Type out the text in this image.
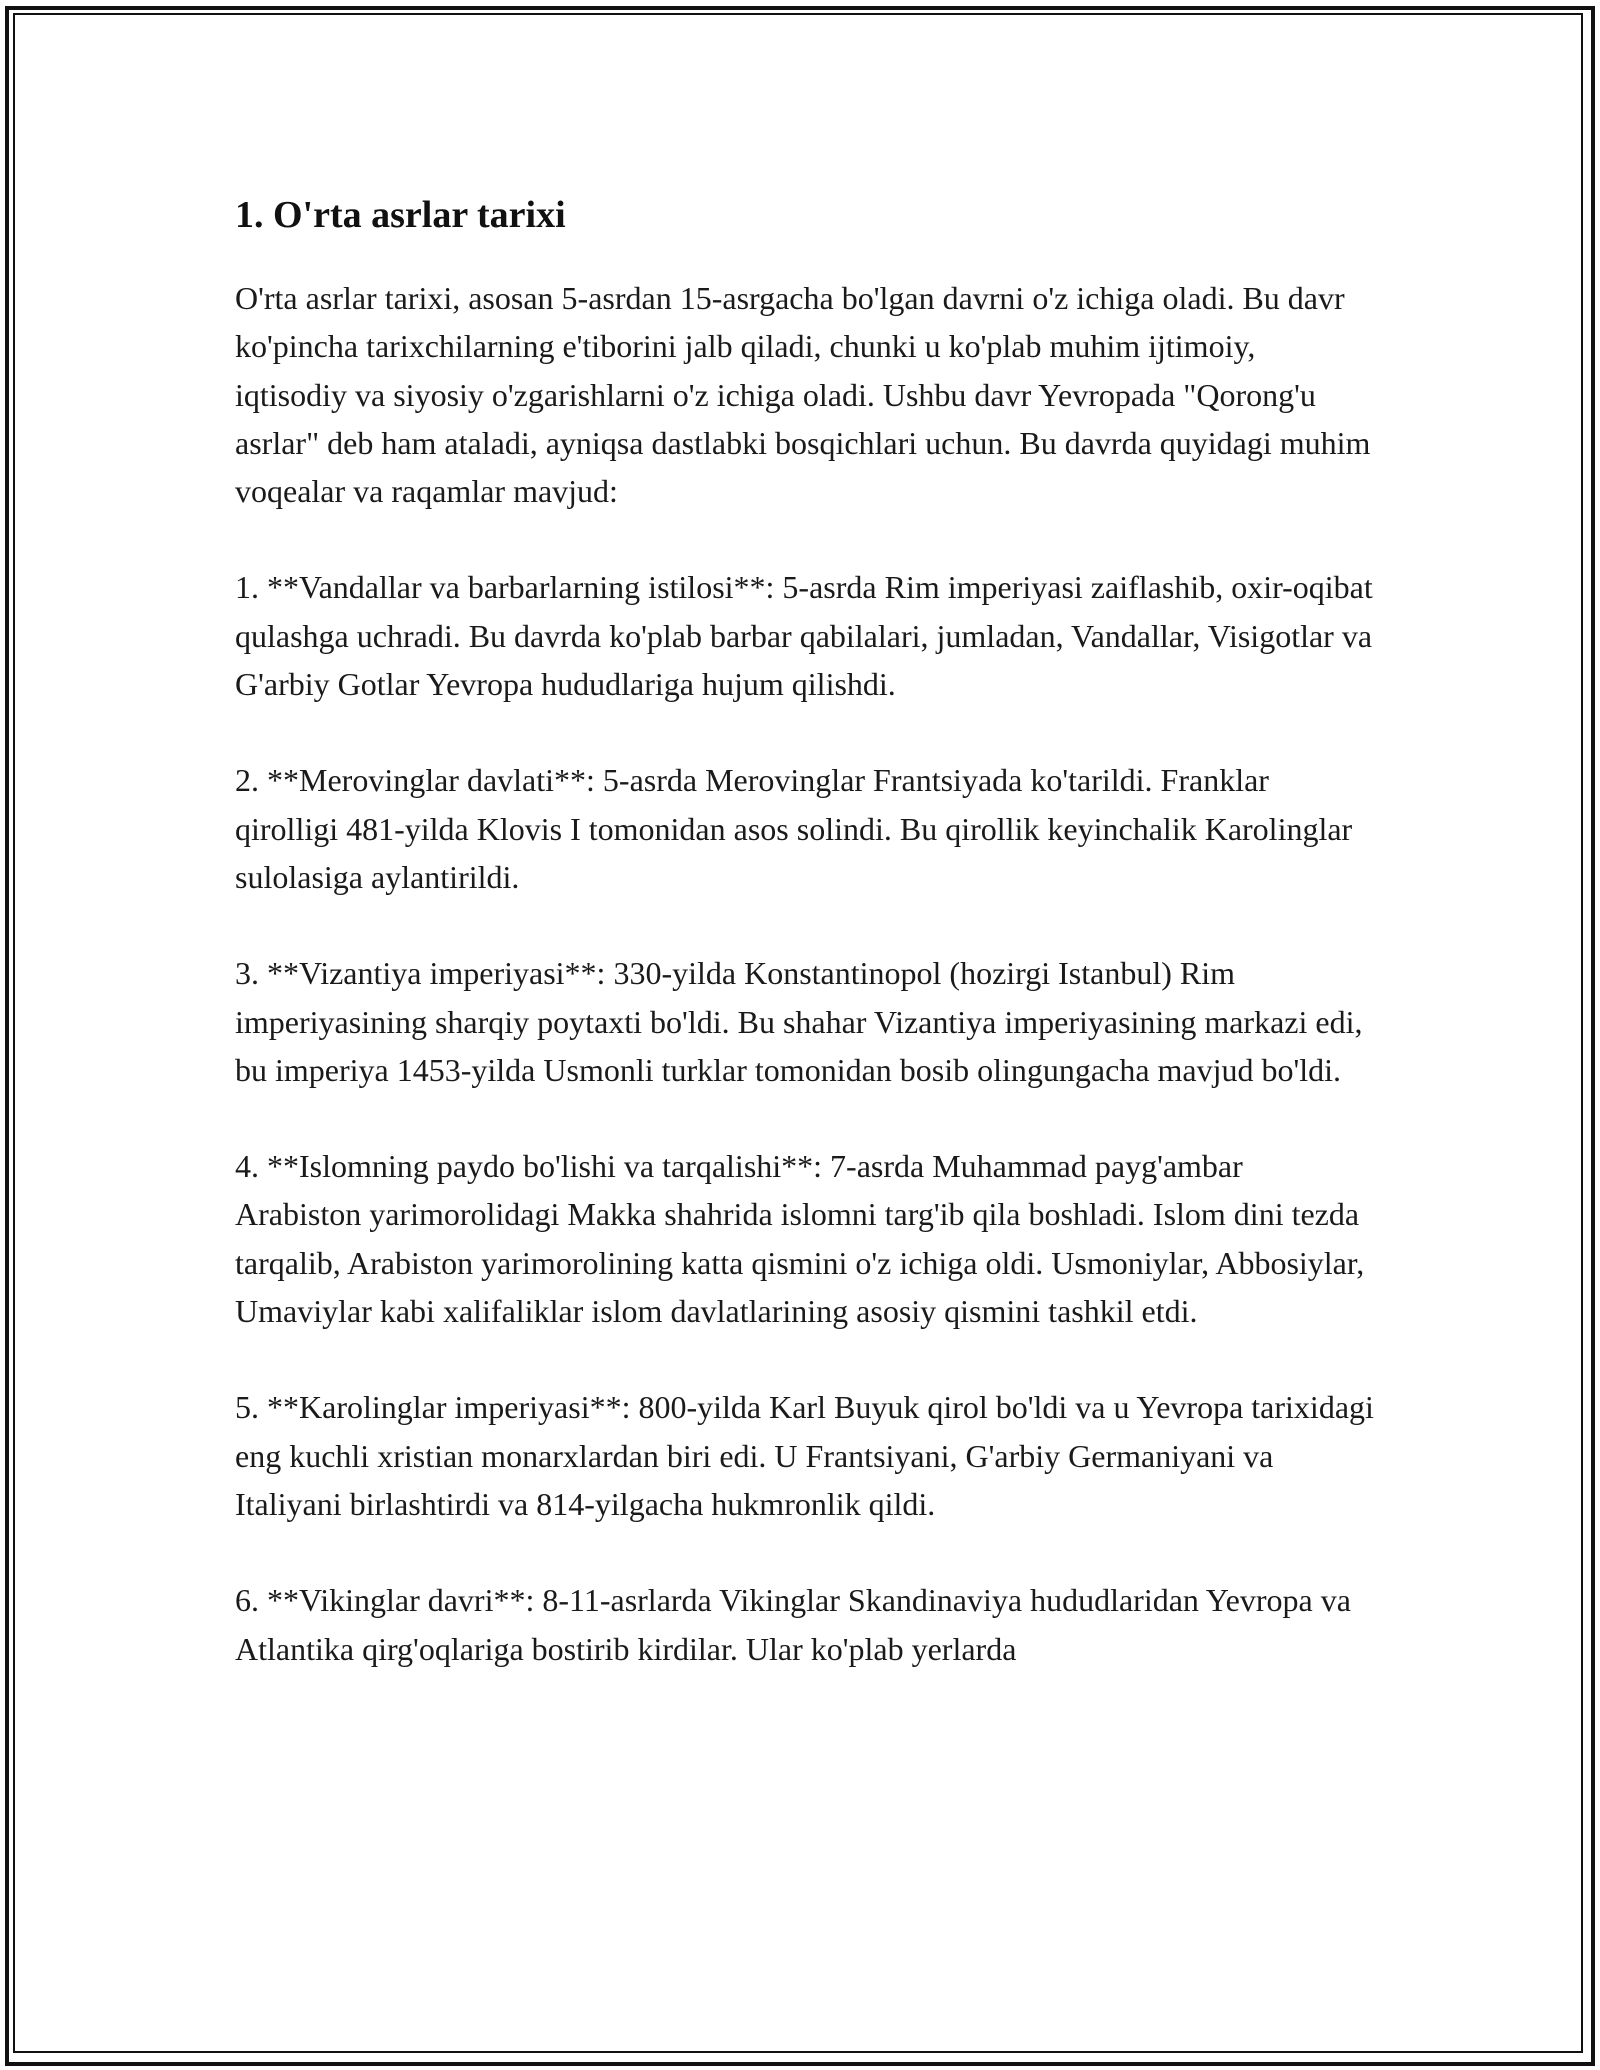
1. O'rta asrlar tarixi

O'rta asrlar tarixi, asosan 5-asrdan 15-asrgacha bo'lgan davrni o'z ichiga oladi. Bu davr ko'pincha tarixchilarning e'tiborini jalb qiladi, chunki u ko'plab muhim ijtimoiy, iqtisodiy va siyosiy o'zgarishlarni o'z ichiga oladi. Ushbu davr Yevropada "Qorong'u asrlar" deb ham ataladi, ayniqsa dastlabki bosqichlari uchun. Bu davrda quyidagi muhim voqealar va raqamlar mavjud:

1. **Vandallar va barbarlarning istilosi**: 5-asrda Rim imperiyasi zaiflashib, oxir-oqibat qulashga uchradi. Bu davrda ko'plab barbar qabilalari, jumladan, Vandallar, Visigotlar va G'arbiy Gotlar Yevropa hududlariga hujum qilishdi.

2. **Merovinglar davlati**: 5-asrda Merovinglar Frantsiyada ko'tarildi. Franklar qirolligi 481-yilda Klovis I tomonidan asos solindi. Bu qirollik keyinchalik Karolinglar sulolasiga aylantirildi.

3. **Vizantiya imperiyasi**: 330-yilda Konstantinopol (hozirgi Istanbul) Rim imperiyasining sharqiy poytaxti bo'ldi. Bu shahar Vizantiya imperiyasining markazi edi, bu imperiya 1453-yilda Usmonli turklar tomonidan bosib olingungacha mavjud bo'ldi.

4. **Islomning paydo bo'lishi va tarqalishi**: 7-asrda Muhammad payg'ambar Arabiston yarimorolidagi Makka shahrida islomni targ'ib qila boshladi. Islom dini tezda tarqalib, Arabiston yarimorolining katta qismini o'z ichiga oldi. Usmoniylar, Abbosiylar, Umaviylar kabi xalifaliklar islom davlatlarining asosiy qismini tashkil etdi.

5. **Karolinglar imperiyasi**: 800-yilda Karl Buyuk qirol bo'ldi va u Yevropa tarixidagi eng kuchli xristian monarxlardan biri edi. U Frantsiyani, G'arbiy Germaniyani va Italiyani birlashtirdi va 814-yilgacha hukmronlik qildi.

6. **Vikinglar davri**: 8-11-asrlarda Vikinglar Skandinaviya hududlaridan Yevropa va Atlantika qirg'oqlariga bostirib kirdilar. Ular ko'plab yerlarda
